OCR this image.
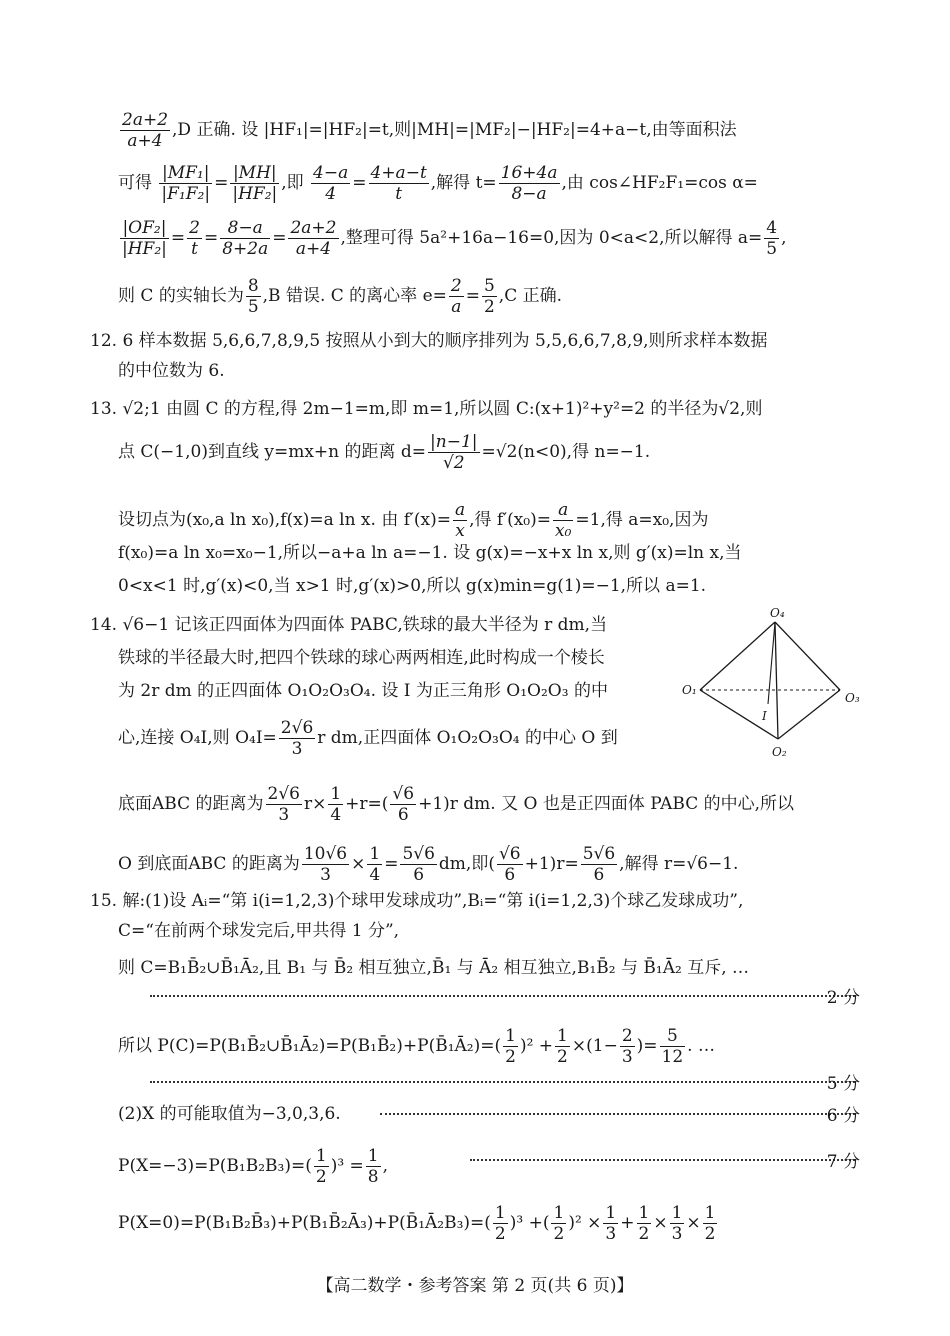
$\frac{2a+2}{a+4} ,D$ 正确. 设 |HF₁|=|HF₂|=t,则|MH|=|MF₂|−|HF₂|=4+a−t,由等面积法
可得 $\frac{\text{|MF₁|}}{\text{|F₁F₂|}} = \frac{|MH|}{\text{|HF₂|}}$ ,即 $\frac{4-a}{4} = \frac{4+a-t}{t}$ ,解得 $t= \frac{16+4a}{8-a}$ ,由 cos∠HF₂F₁=cos α=
$\frac{\text{|OF₂|}}{\text{|HF₂|}} = \frac{2}{t} = \frac{8-a}{8+2a} = \frac{2a+2}{a+4}$ ,整理可得 5a²+16a−16=0,因为 0<a<2,所以解得 $a= \frac{4}{5}$ ,
则 C 的实轴长为 $\frac{8}{5} ,B$ 错误. C 的离心率 $e= \frac{2}{a} = \frac{5}{2} ,C$ 正确.
12. 6 样本数据 5,6,6,7,8,9,5 按照从小到大的顺序排列为 5,5,6,6,7,8,9,则所求样本数据
的中位数为 6.
13. √2;1 由圆 C 的方程,得 2m−1=m,即 m=1,所以圆 C:(x+1)²+y²=2 的半径为√2,则
点 C(−1,0)到直线 y=mx+n 的距离 $d= \frac{|n-1|}{√2} =√2(n<0)$,得 n=−1.
设切点为(x₀,a ln x₀),f(x)=a ln x. 由 $f'(x)= \frac{a}{x}$ ,得 $f'(x_0)= \frac{a}{\text{x₀}} =1$,得 a=x₀,因为
f(x₀)=a ln x₀=x₀−1,所以−a+a ln a=−1. 设 g(x)=−x+x ln x,则 g′(x)=ln x,当
0<x<1 时,g′(x)<0,当 x>1 时,g′(x)>0,所以 g(x)min=g(1)=−1,所以 a=1.
14. √6−1 记该正四面体为四面体 PABC,铁球的最大半径为 r dm,当
铁球的半径最大时,把四个铁球的球心两两相连,此时构成一个棱长
为 2r dm 的正四面体 O₁O₂O₃O₄. 设 I 为正三角形 O₁O₂O₃ 的中
心,连接 O₄I,则 $O_4I= \frac{2√6}{3}$ r dm,正四面体 O₁O₂O₃O₄ 的中心 O 到
O₄
O₁
O₃
O₂
I
底面ABC 的距离为 $\frac{2√6}{3} r\times \frac{1}{4} +r=( \frac{√6}{6} +1)r$ dm. 又 O 也是正四面体 PABC 的中心,所以
O 到底面ABC 的距离为 $\frac{10√6}{3} \times \frac{1}{4} = \frac{5√6}{6}$ dm,即( $\frac{√6}{6} +1)r= \frac{5√6}{6}$ ,解得 r=√6−1.
15. 解:(1)设 Aᵢ=“第 i(i=1,2,3)个球甲发球成功”,Bᵢ=“第 i(i=1,2,3)个球乙发球成功”,
C=“在前两个球发完后,甲共得 1 分”,
则 C=B₁B̄₂∪B̄₁Ā₂,且 B₁ 与 B̄₂ 相互独立,B̄₁ 与 Ā₂ 相互独立,B₁B̄₂ 与 B̄₁Ā₂ 互斥, …
2 分
所以 P(C)=P(B₁B̄₂∪B̄₁Ā₂)=P(B₁B̄₂)+P(B̄₁Ā₂)=( $\frac{1}{2} )^2 + \frac{1}{2} \times(1- \frac{2}{3}$ )= $\frac{5}{12}$ . …
5 分
(2)X 的可能取值为−3,0,3,6.	6 分
$P(X=-3)=P(B_1B_2B_3)=( \frac{1}{2} )^3 = \frac{1}{8}$ ,	7 分
P(X=0)=P(B₁B₂B̄₃)+P(B₁B̄₂Ā₃)+P(B̄₁Ā₂B₃)=( $\frac{1}{2} )^3$ +( $\frac{1}{2} )^2 \times \frac{1}{3} + \frac{1}{2} \times \frac{1}{3} \times \frac{1}{2}$
【高二数学・参考答案 第 2 页(共 6 页)】
